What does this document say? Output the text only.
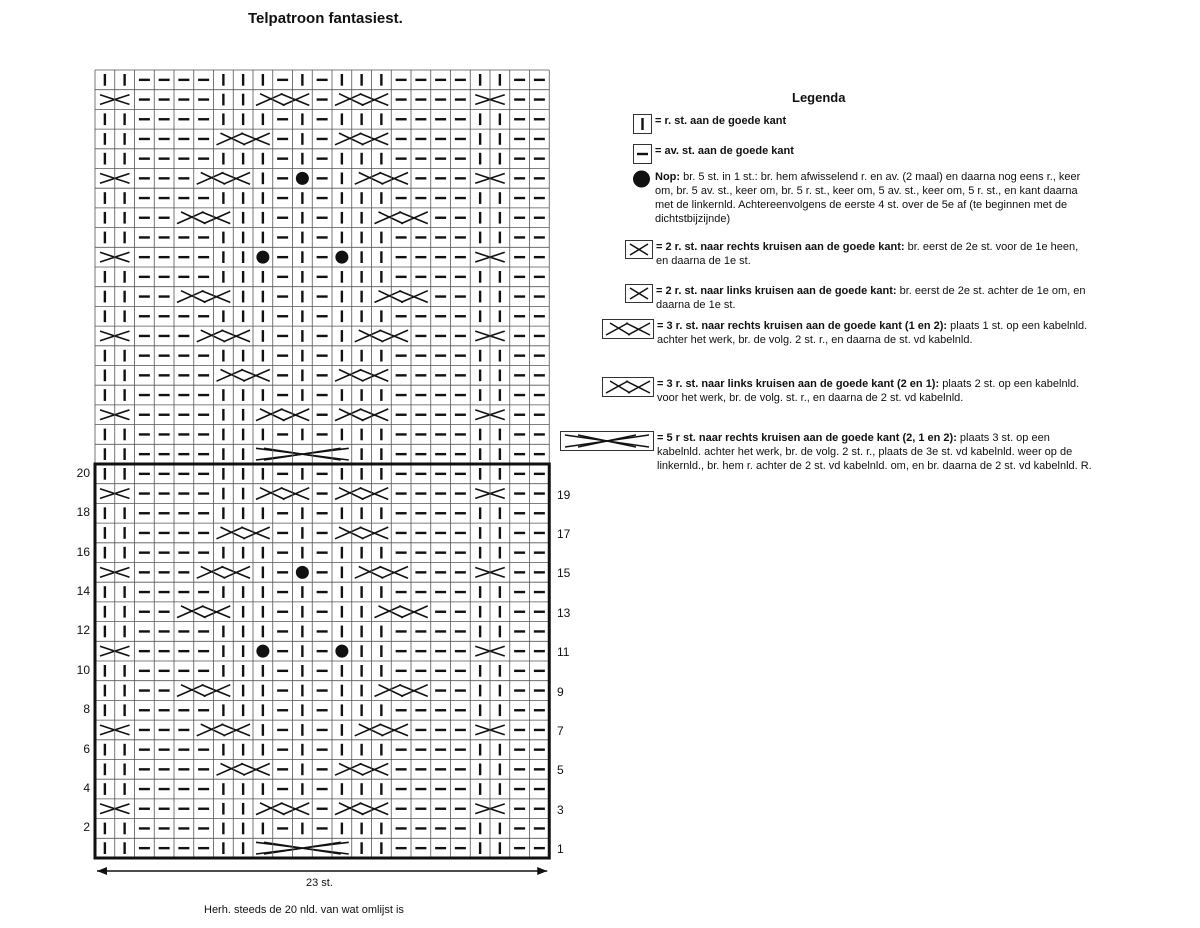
Telpatroon fantasiest.
2
4
6
8
10
12
14
16
18
20
1
3
5
7
9
11
13
15
17
19
23 st.
Herh. steeds de 20 nld. van wat omlijst is
Legenda
= r. st. aan de goede kant
= av. st. aan de goede kant
Nop: br. 5 st. in 1 st.: br. hem afwisselend r. en av. (2 maal) en daarna nog eens r., keer om, br. 5 av. st., keer om, br. 5 r. st., keer om, 5 av. st., keer om, 5 r. st., en kant daarna met de linkernld. Achtereenvolgens de eerste 4 st. over de 5e af (te beginnen met de dichtstbijzijnde)
= 2 r. st. naar rechts kruisen aan de goede kant: br. eerst de 2e st. voor de 1e heen, en daarna de 1e st.
= 2 r. st. naar links kruisen aan de goede kant: br. eerst de 2e st. achter de 1e om, en daarna de 1e st.
= 3 r. st. naar rechts kruisen aan de goede kant (1 en 2): plaats 1 st. op een kabelnld. achter het werk, br. de volg. 2 st. r., en daarna de st. vd kabelnld.
= 3 r. st. naar links kruisen aan de goede kant (2 en 1): plaats 2 st. op een kabelnld. voor het werk, br. de volg. st. r., en daarna de 2 st. vd kabelnld.
= 5 r st. naar rechts kruisen aan de goede kant (2, 1 en 2): plaats 3 st. op een kabelnld. achter het werk, br. de volg. 2 st. r., plaats de 3e st. vd kabelnld. weer op de linkernld., br. hem r. achter de 2 st. vd kabelnld. om, en br. daarna de 2 st. vd kabelnld. R.
